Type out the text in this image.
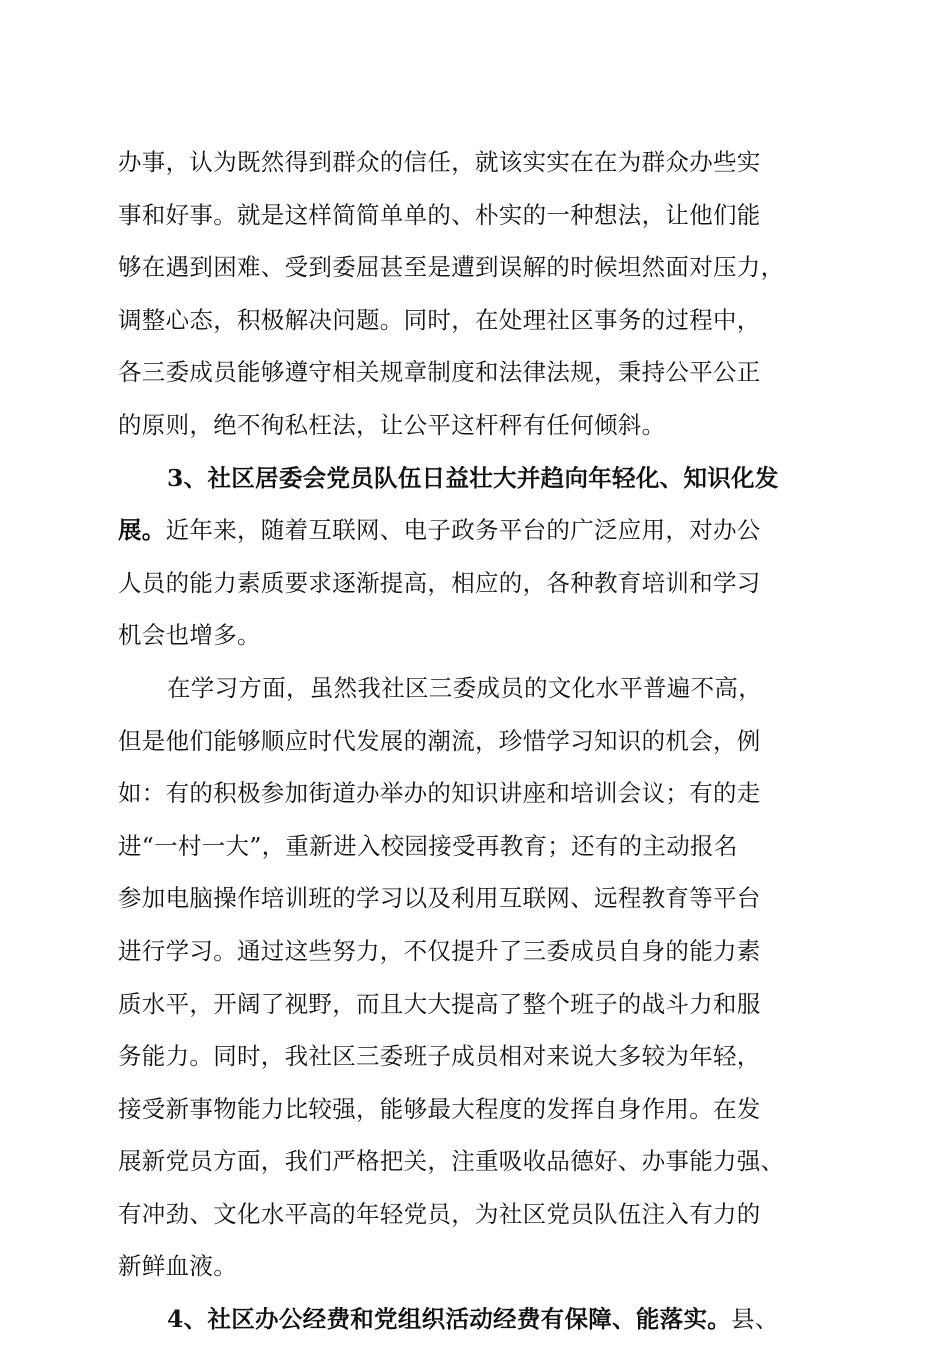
办事，认为既然得到群众的信任，就该实实在在为群众办些实
事和好事。就是这样简简单单的、朴实的一种想法，让他们能
够在遇到困难、受到委屈甚至是遭到误解的时候坦然面对压力，
调整心态，积极解决问题。同时，在处理社区事务的过程中，
各三委成员能够遵守相关规章制度和法律法规，秉持公平公正
的原则，绝不徇私枉法，让公平这杆秤有任何倾斜。
3、社区居委会党员队伍日益壮大并趋向年轻化、知识化发
展。近年来，随着互联网、电子政务平台的广泛应用，对办公
人员的能力素质要求逐渐提高，相应的，各种教育培训和学习
机会也增多。
在学习方面，虽然我社区三委成员的文化水平普遍不高，
但是他们能够顺应时代发展的潮流，珍惜学习知识的机会，例
如：有的积极参加街道办举办的知识讲座和培训会议；有的走
进“一村一大”，重新进入校园接受再教育；还有的主动报名
参加电脑操作培训班的学习以及利用互联网、远程教育等平台
进行学习。通过这些努力，不仅提升了三委成员自身的能力素
质水平，开阔了视野，而且大大提高了整个班子的战斗力和服
务能力。同时，我社区三委班子成员相对来说大多较为年轻，
接受新事物能力比较强，能够最大程度的发挥自身作用。在发
展新党员方面，我们严格把关，注重吸收品德好、办事能力强、
有冲劲、文化水平高的年轻党员，为社区党员队伍注入有力的
新鲜血液。
4、社区办公经费和党组织活动经费有保障、能落实。县、
